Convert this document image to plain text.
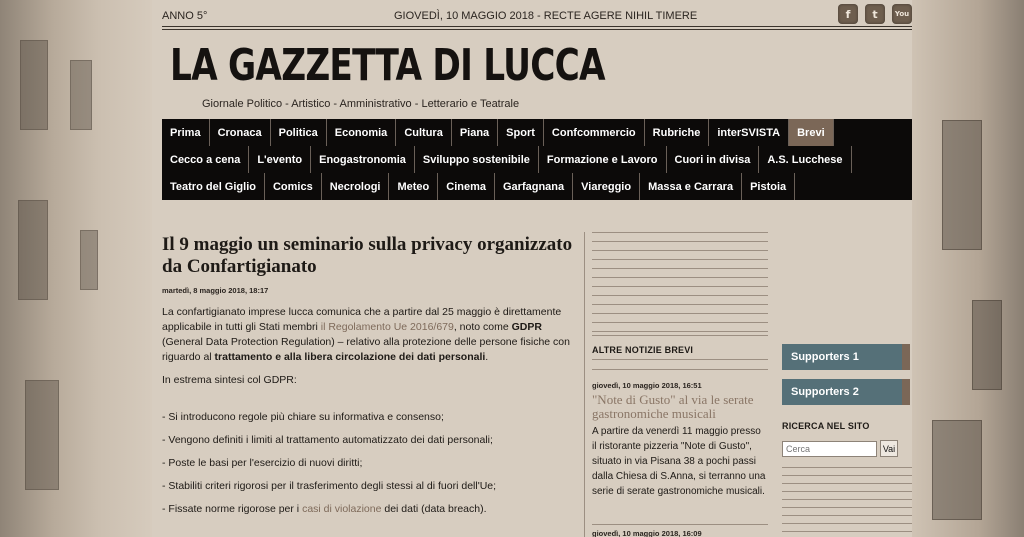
ANNO 5°	GIOVEDÌ, 10 MAGGIO 2018 - RECTE AGERE NIHIL TIMERE	f	t	You
LA GAZZETTA DI LUCCA
Giornale Politico - Artistico - Amministrativo - Letterario e Teatrale
Prima	Cronaca	Politica	Economia	Cultura	Piana	Sport	Confcommercio	Rubriche	interSVISTA	Brevi
Cecco a cena	L'evento	Enogastronomia	Sviluppo sostenibile	Formazione e Lavoro	Cuori in divisa	A.S. Lucchese
Teatro del Giglio	Comics	Necrologi	Meteo	Cinema	Garfagnana	Viareggio	Massa e Carrara	Pistoia
Il 9 maggio un seminario sulla privacy organizzato da Confartigianato
martedì, 8 maggio 2018, 18:17

La confartigianato imprese lucca comunica che a partire dal 25 maggio è direttamente applicabile in tutti gli Stati membri il Regolamento Ue 2016/679, noto come GDPR (General Data Protection Regulation) – relativo alla protezione delle persone fisiche con riguardo al trattamento e alla libera circolazione dei dati personali.

In estrema sintesi col GDPR:

- Si introducono regole più chiare su informativa e consenso;

- Vengono definiti i limiti al trattamento automatizzato dei dati personali;

- Poste le basi per l'esercizio di nuovi diritti;

- Stabiliti criteri rigorosi per il trasferimento degli stessi al di fuori dell'Ue;

- Fissate norme rigorose per i casi di violazione dei dati (data breach).

ALTRE NOTIZIE BREVI
giovedì, 10 maggio 2018, 16:51
"Note di Gusto" al via le serate gastronomiche musicali
A partire da venerdì 11 maggio presso il ristorante pizzeria "Note di Gusto", situato in via Pisana 38 a pochi passi dalla Chiesa di S.Anna, si terranno una serie di serate gastronomiche musicali.
giovedì, 10 maggio 2018, 16:09
Supporters 1
Supporters 2
RICERCA NEL SITO
Cerca
Vai
